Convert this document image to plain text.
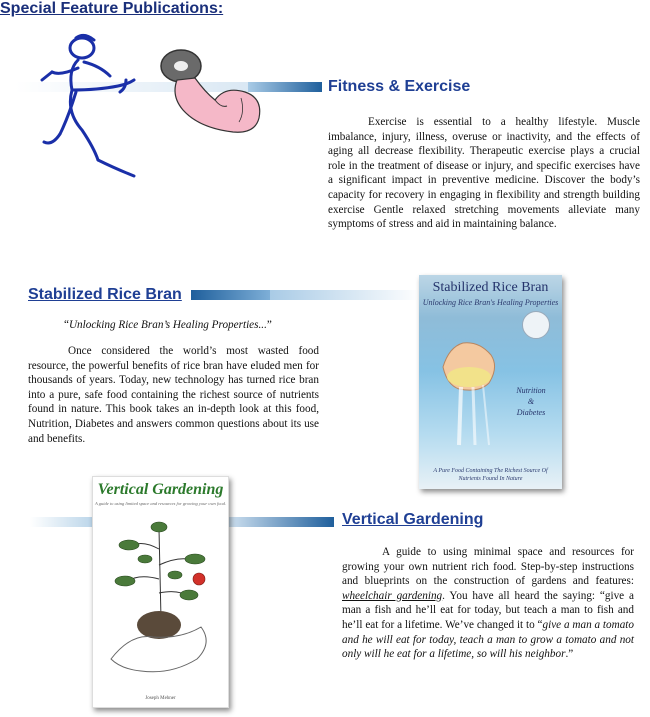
Special Feature Publications:
Fitness & Exercise

Exercise is essential to a healthy lifestyle. Muscle imbalance, injury, illness, overuse or inactivity, and the effects of aging all decrease flexibility. Therapeutic exercise plays a crucial role in the treatment of disease or injury, and specific exercises have a significant impact in preventive medicine. Discover the body’s capacity for recovery in engaging in flexibility and strength building exercise Gentle relaxed stretching movements alleviate many symptoms of stress and aid in maintaining balance.

Stabilized Rice Bran
“Unlocking Rice Bran’s Healing Properties...”

Once considered the world’s most wasted food resource, the powerful benefits of rice bran have eluded men for thousands of years. Today, new technology has turned rice bran into a pure, safe food containing the richest source of nutrients found in nature. This book takes an in-depth look at this food, Nutrition, Diabetes and answers common questions about its use and benefits.

Stabilized Rice Bran
Unlocking Rice Bran's Healing Properties
Nutrition
&
Diabetes
A Pure Food Containing The Richest Source Of Nutrients Found In Nature
Vertical Gardening
A guide to using limited space and resources for growing your own food.
Joseph Mehner
Vertical Gardening

A guide to using minimal space and resources for growing your own nutrient rich food. Step-by-step instructions and blueprints on the construction of gardens and features: wheelchair gardening. You have all heard the saying: “give a man a fish and he’ll eat for today, but teach a man to fish and he’ll eat for a lifetime. We’ve changed it to “give a man a tomato and he will eat for today, teach a man to grow a tomato and not only will he eat for a lifetime, so will his neighbor.”
